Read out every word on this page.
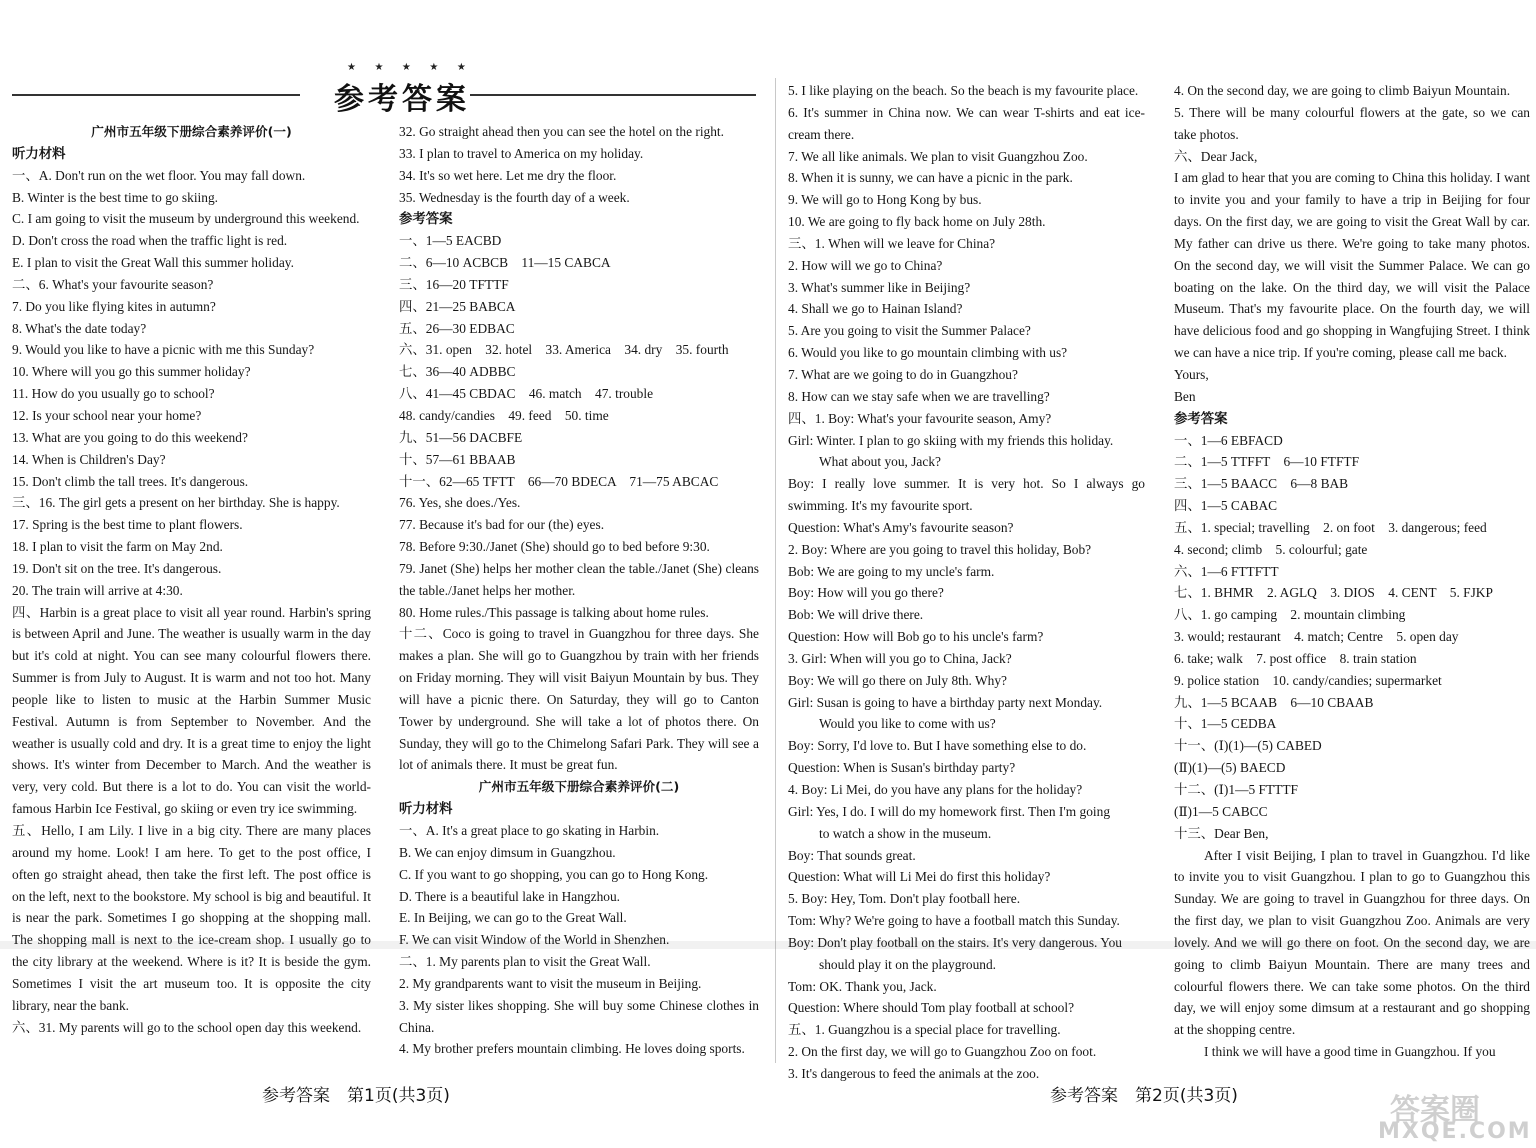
★ ★ ★ ★ ★
参考答案

广州市五年级下册综合素养评价(一)

听力材料

一、A. Don't run on the wet floor. You may fall down.

B. Winter is the best time to go skiing.

C. I am going to visit the museum by underground this weekend.

D. Don't cross the road when the traffic light is red.

E. I plan to visit the Great Wall this summer holiday.

二、6. What's your favourite season?

7. Do you like flying kites in autumn?

8. What's the date today?

9. Would you like to have a picnic with me this Sunday?

10. Where will you go this summer holiday?

11. How do you usually go to school?

12. Is your school near your home?

13. What are you going to do this weekend?

14. When is Children's Day?

15. Don't climb the tall trees. It's dangerous.

三、16. The girl gets a present on her birthday. She is happy.

17. Spring is the best time to plant flowers.

18. I plan to visit the farm on May 2nd.

19. Don't sit on the tree. It's dangerous.

20. The train will arrive at 4:30.

四、Harbin is a great place to visit all year round. Harbin's spring is between April and June. The weather is usually warm in the day but it's cold at night. You can see many colourful flowers there. Summer is from July to August. It is warm and not too hot. Many people like to listen to music at the Harbin Summer Music Festival. Autumn is from September to November. And the weather is usually cold and dry. It is a great time to enjoy the light shows. It's winter from December to March. And the weather is very, very cold. But there is a lot to do. You can visit the world-famous Harbin Ice Festival, go skiing or even try ice swimming.

五、Hello, I am Lily. I live in a big city. There are many places around my home. Look! I am here. To get to the post office, I often go straight ahead, then take the first left. The post office is on the left, next to the bookstore. My school is big and beautiful. It is near the park. Sometimes I go shopping at the shopping mall. The shopping mall is next to the ice-cream shop. I usually go to the city library at the weekend. Where is it? It is beside the gym. Sometimes I visit the art museum too. It is opposite the city library, near the bank.

六、31. My parents will go to the school open day this weekend.

32. Go straight ahead then you can see the hotel on the right.

33. I plan to travel to America on my holiday.

34. It's so wet here. Let me dry the floor.

35. Wednesday is the fourth day of a week.

参考答案

一、1—5 EACBD

二、6—10 ACBCB　11—15 CABCA

三、16—20 TFTTF

四、21—25 BABCA

五、26—30 EDBAC

六、31. open　32. hotel　33. America　34. dry　35. fourth

七、36—40 ADBBC

八、41—45 CBDAC　46. match　47. trouble

48. candy/candies　49. feed　50. time

九、51—56 DACBFE

十、57—61 BBAAB

十一、62—65 TFTT　66—70 BDECA　71—75 ABCAC

76. Yes, she does./Yes.

77. Because it's bad for our (the) eyes.

78. Before 9:30./Janet (She) should go to bed before 9:30.

79. Janet (She) helps her mother clean the table./Janet (She) cleans the table./Janet helps her mother.

80. Home rules./This passage is talking about home rules.

十二、Coco is going to travel in Guangzhou for three days. She makes a plan. She will go to Guangzhou by train with her friends on Friday morning. They will visit Baiyun Mountain by bus. They will have a picnic there. On Saturday, they will go to Canton Tower by underground. She will take a lot of photos there. On Sunday, they will go to the Chimelong Safari Park. They will see a lot of animals there. It must be great fun.

广州市五年级下册综合素养评价(二)

听力材料

一、A. It's a great place to go skating in Harbin.

B. We can enjoy dimsum in Guangzhou.

C. If you want to go shopping, you can go to Hong Kong.

D. There is a beautiful lake in Hangzhou.

E. In Beijing, we can go to the Great Wall.

F. We can visit Window of the World in Shenzhen.

二、1. My parents plan to visit the Great Wall.

2. My grandparents want to visit the museum in Beijing.

3. My sister likes shopping. She will buy some Chinese clothes in China.

4. My brother prefers mountain climbing. He loves doing sports.

5. I like playing on the beach. So the beach is my favourite place.

6. It's summer in China now. We can wear T-shirts and eat ice-cream there.

7. We all like animals. We plan to visit Guangzhou Zoo.

8. When it is sunny, we can have a picnic in the park.

9. We will go to Hong Kong by bus.

10. We are going to fly back home on July 28th.

三、1. When will we leave for China?

2. How will we go to China?

3. What's summer like in Beijing?

4. Shall we go to Hainan Island?

5. Are you going to visit the Summer Palace?

6. Would you like to go mountain climbing with us?

7. What are we going to do in Guangzhou?

8. How can we stay safe when we are travelling?

四、1. Boy: What's your favourite season, Amy?

Girl: Winter. I plan to go skiing with my friends this holiday.

What about you, Jack?

Boy: I really love summer. It is very hot. So I always go swimming. It's my favourite sport.

Question: What's Amy's favourite season?

2. Boy: Where are you going to travel this holiday, Bob?

Bob: We are going to my uncle's farm.

Boy: How will you go there?

Bob: We will drive there.

Question: How will Bob go to his uncle's farm?

3. Girl: When will you go to China, Jack?

Boy: We will go there on July 8th. Why?

Girl: Susan is going to have a birthday party next Monday.

Would you like to come with us?

Boy: Sorry, I'd love to. But I have something else to do.

Question: When is Susan's birthday party?

4. Boy: Li Mei, do you have any plans for the holiday?

Girl: Yes, I do. I will do my homework first. Then I'm going

to watch a show in the museum.

Boy: That sounds great.

Question: What will Li Mei do first this holiday?

5. Boy: Hey, Tom. Don't play football here.

Tom: Why? We're going to have a football match this Sunday.

Boy: Don't play football on the stairs. It's very dangerous. You

should play it on the playground.

Tom: OK. Thank you, Jack.

Question: Where should Tom play football at school?

五、1. Guangzhou is a special place for travelling.

2. On the first day, we will go to Guangzhou Zoo on foot.

3. It's dangerous to feed the animals at the zoo.

4. On the second day, we are going to climb Baiyun Mountain.

5. There will be many colourful flowers at the gate, so we can take photos.

六、Dear Jack,

I am glad to hear that you are coming to China this holiday. I want to invite you and your family to have a trip in Beijing for four days. On the first day, we are going to visit the Great Wall by car. My father can drive us there. We're going to take many photos. On the second day, we will visit the Summer Palace. We can go boating on the lake. On the third day, we will visit the Palace Museum. That's my favourite place. On the fourth day, we will have delicious food and go shopping in Wangfujing Street. I think we can have a nice trip. If you're coming, please call me back.

Yours,

Ben

参考答案

一、1—6 EBFACD

二、1—5 TTFFT　6—10 FTFTF

三、1—5 BAACC　6—8 BAB

四、1—5 CABAC

五、1. special; travelling　2. on foot　3. dangerous; feed

4. second; climb　5. colourful; gate

六、1—6 FTTFTT

七、1. BHMR　2. AGLQ　3. DIOS　4. CENT　5. FJKP

八、1. go camping　2. mountain climbing

3. would; restaurant　4. match; Centre　5. open day

6. take; walk　7. post office　8. train station

9. police station　10. candy/candies; supermarket

九、1—5 BCAAB　6—10 CBAAB

十、1—5 CEDBA

十一、(Ⅰ)(1)—(5) CABED

(Ⅱ)(1)—(5) BAECD

十二、(Ⅰ)1—5 FTTTF

(Ⅱ)1—5 CABCC

十三、Dear Ben,

After I visit Beijing, I plan to travel in Guangzhou. I'd like to invite you to visit Guangzhou. I plan to go to Guangzhou this Sunday. We are going to travel in Guangzhou for three days. On the first day, we plan to visit Guangzhou Zoo. Animals are very lovely. And we will go there on foot. On the second day, we are going to climb Baiyun Mountain. There are many trees and colourful flowers there. We can take some photos. On the third day, we will enjoy some dimsum at a restaurant and go shopping at the shopping centre.

I think we will have a good time in Guangzhou. If you

参考答案　第1页(共3页)	参考答案　第2页(共3页)	答案圈
MXQE.COM
